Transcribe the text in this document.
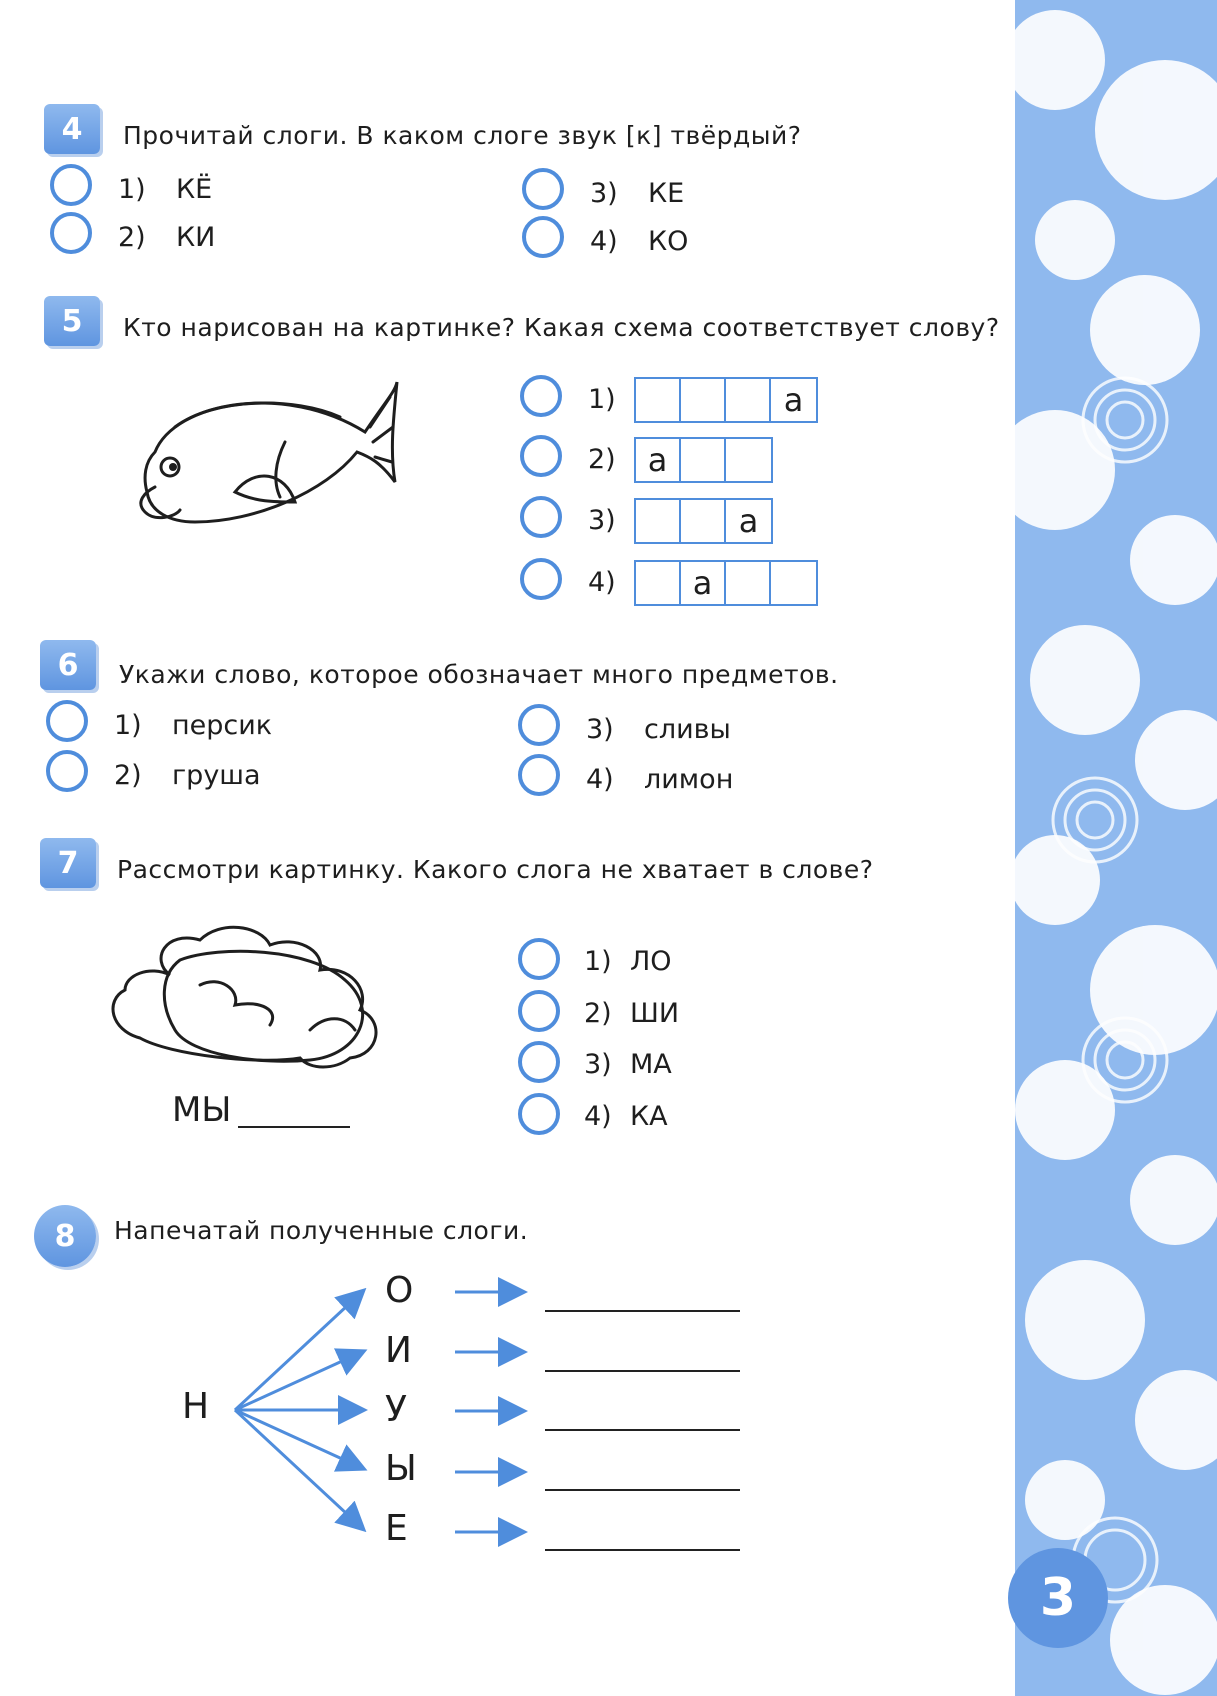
3
4	Прочитай слоги. В каком слоге звук [к] твёрдый?
1) КЁ
2) КИ
3) КЕ
4) КО
5	Кто нарисован на картинке? Какая схема соответствует слову?
1)	а
2) а
3)	а
4)	а
6	Укажи слово, которое обозначает много предметов.
1) персик
2) груша
3) сливы
4) лимон
7	Рассмотри картинку. Какого слога не хватает в слове?
МЫ
1) ЛО
2) ШИ
3) МА
4) КА
8	Напечатай полученные слоги.
Н
О
И
У
Ы
Е
